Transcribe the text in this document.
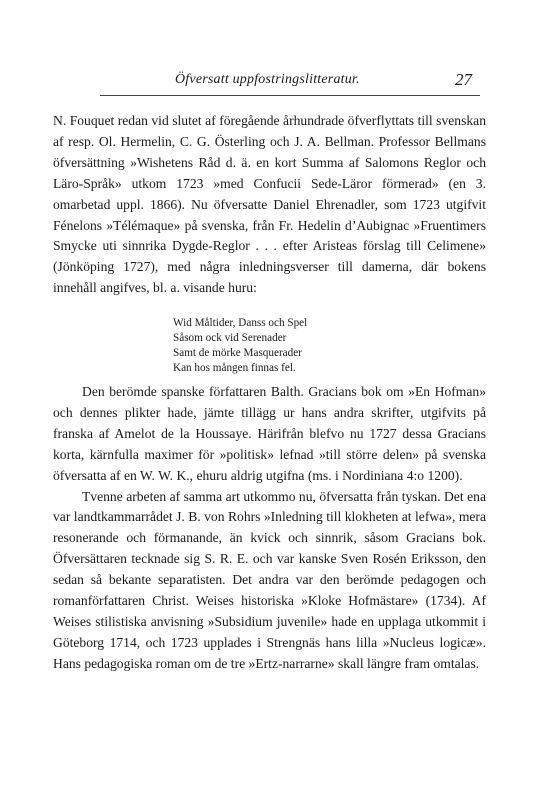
Öfversatt uppfostringslitteratur.	27

N. Fouquet redan vid slutet af föregående århundrade öfverflyttats till svenskan af resp. Ol. Hermelin, C. G. Österling och J. A. Bellman. Professor Bellmans öfversättning »Wishetens Råd d. ä. en kort Summa af Salomons Reglor och Läro-Språk» utkom 1723 »med Confucii Sede-Läror förmerad» (en 3. omarbetad uppl. 1866). Nu öfversatte Daniel Ehrenadler, som 1723 utgifvit Fénelons »Télémaque» på svenska, från Fr. Hedelin d’Aubignac »Fruentimers Smycke uti sinnrika Dygde-Reglor . . . efter Aristeas förslag till Celimene» (Jönköping 1727), med några inledningsverser till damerna, där bokens innehåll angifves, bl. a. visande huru:

Wid Måltider, Danss och Spel
Såsom ock vid Serenader
Samt de mörke Masquerader
Kan hos mången finnas fel.

Den berömde spanske författaren Balth. Gracians bok om »En Hofman» och dennes plikter hade, jämte tillägg ur hans andra skrifter, utgifvits på franska af Amelot de la Houssaye. Härifrån blefvo nu 1727 dessa Gracians korta, kärnfulla maximer för »politisk» lefnad »till större delen» på svenska öfversatta af en W. W. K., ehuru aldrig utgifna (ms. i Nordiniana 4:o 1200).

Tvenne arbeten af samma art utkommo nu, öfversatta från tyskan. Det ena var landtkammarrådet J. B. von Rohrs »Inledning till klokheten at lefwa», mera resonerande och förmanande, än kvick och sinnrik, såsom Gracians bok. Öfversättaren tecknade sig S. R. E. och var kanske Sven Rosén Eriksson, den sedan så bekante separatisten. Det andra var den berömde pedagogen och romanförfattaren Christ. Weises historiska »Kloke Hofmästare» (1734). Af Weises stilistiska anvisning »Subsidium juvenile» hade en upplaga utkommit i Göteborg 1714, och 1723 upplades i Strengnäs hans lilla »Nucleus logicæ». Hans pedagogiska roman om de tre »Ertz-narrarne» skall längre fram omtalas.
